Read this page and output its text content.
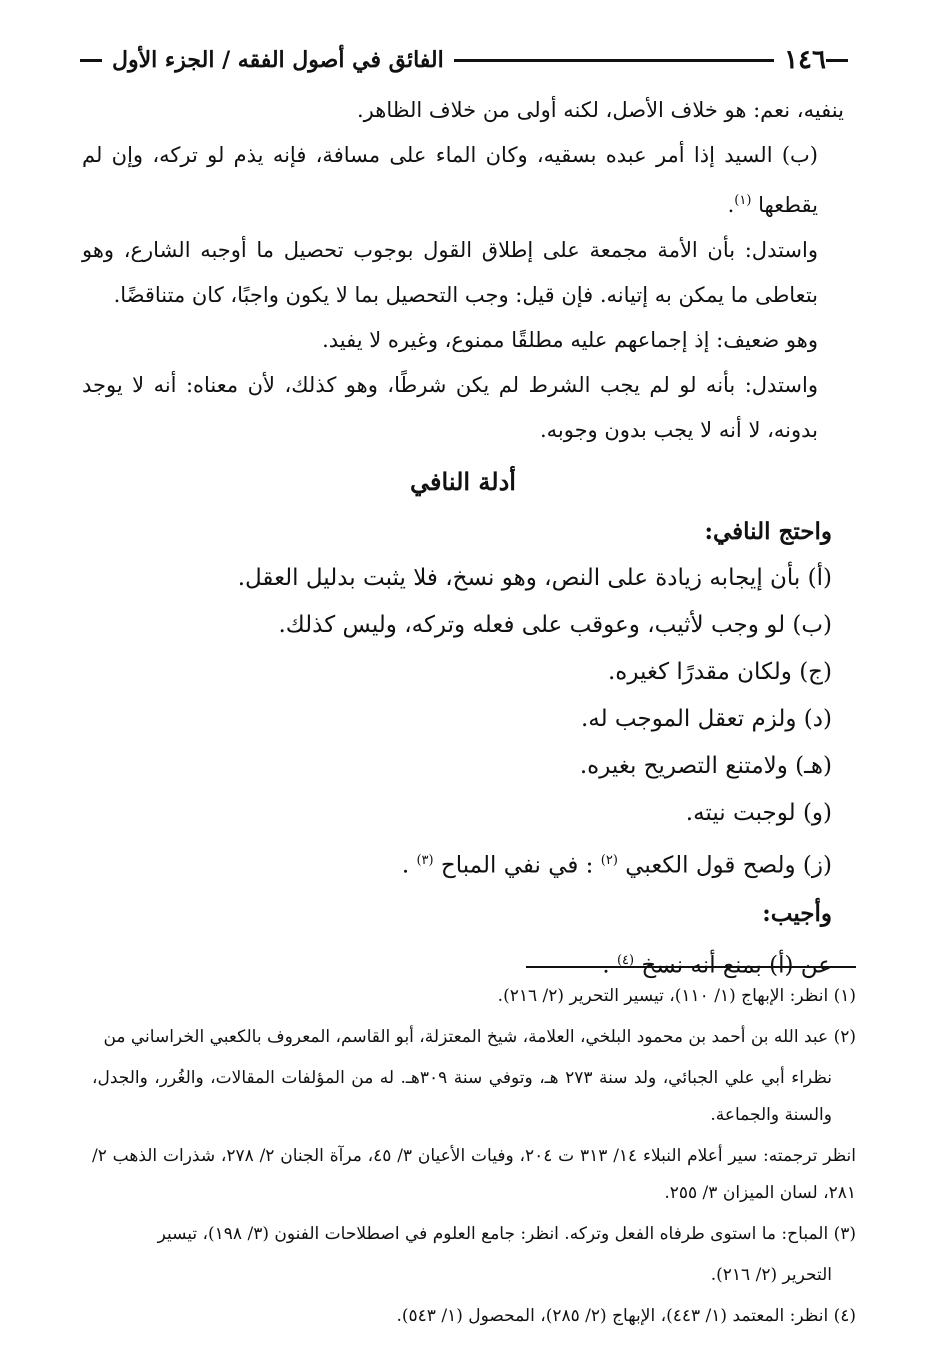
١٤٦
الفائق في أصول الفقه / الجزء الأول

ينفيه، نعم: هو خلاف الأصل، لكنه أولى من خلاف الظاهر.

(ب) السيد إذا أمر عبده بسقيه، وكان الماء على مسافة، فإنه يذم لو تركه، وإن لم يقطعها $^{(١)}$.

واستدل: بأن الأمة مجمعة على إطلاق القول بوجوب تحصيل ما أوجبه الشارع، وهو بتعاطى ما يمكن به إتيانه. فإن قيل: وجب التحصيل بما لا يكون واجبًا، كان متناقضًا.

وهو ضعيف: إذ إجماعهم عليه مطلقًا ممنوع، وغيره لا يفيد.

واستدل: بأنه لو لم يجب الشرط لم يكن شرطًا، وهو كذلك، لأن معناه: أنه لا يوجد بدونه، لا أنه لا يجب بدون وجوبه.

أدلة النافي
واحتج النافي:
(أ) بأن إيجابه زيادة على النص، وهو نسخ، فلا يثبت بدليل العقل.
(ب) لو وجب لأثيب، وعوقب على فعله وتركه، وليس كذلك.
(ج) ولكان مقدرًا كغيره.
(د) ولزم تعقل الموجب له.
(هـ) ولامتنع التصريح بغيره.
(و) لوجبت نيته.
(ز) ولصح قول الكعبي $^{(٢)}$ : في نفي المباح $^{(٣)}$ .
وأجيب:
عن (أ) بمنع أنه نسخ $^{(٤)}$ .

(١) انظر: الإبهاج (١/ ١١٠)، تيسير التحرير (٢/ ٢١٦).

(٢) عبد الله بن أحمد بن محمود البلخي، العلامة، شيخ المعتزلة، أبو القاسم، المعروف بالكعبي الخراساني من

نظراء أبي علي الجبائي، ولد سنة ٢٧٣ هـ، وتوفي سنة ٣٠٩هـ. له من المؤلفات المقالات، والغُرر، والجدل، والسنة والجماعة.

انظر ترجمته: سير أعلام النبلاء ١٤/ ٣١٣ ت ٢٠٤، وفيات الأعيان ٣/ ٤٥، مرآة الجنان ٢/ ٢٧٨، شذرات الذهب ٢/ ٢٨١، لسان الميزان ٣/ ٢٥٥.

(٣) المباح: ما استوى طرفاه الفعل وتركه. انظر: جامع العلوم في اصطلاحات الفنون (٣/ ١٩٨)، تيسير

التحرير (٢/ ٢١٦).

(٤) انظر: المعتمد (١/ ٤٤٣)، الإبهاج (٢/ ٢٨٥)، المحصول (١/ ٥٤٣).
